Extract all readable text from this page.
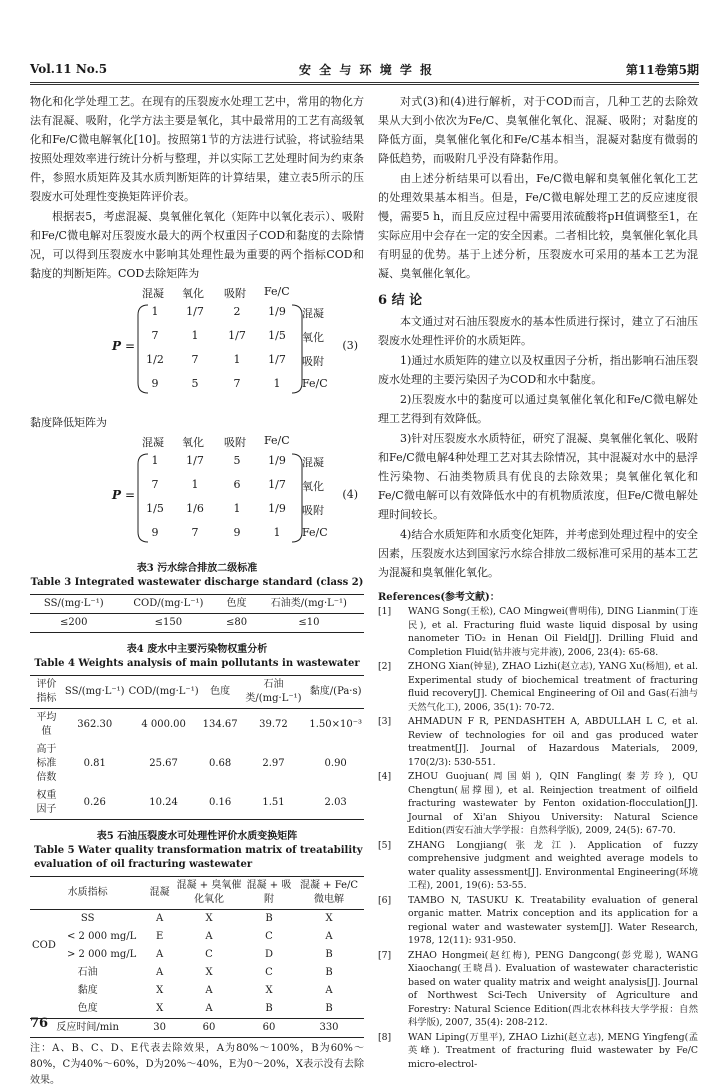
Vol.11 No.5	安 全 与 环 境 学 报	第11卷第5期

物化和化学处理工艺。在现有的压裂废水处理工艺中，常用的物化方法有混凝、吸附，化学方法主要是氧化，其中最常用的工艺有高级氧化和Fe/C微电解氧化[10]。按照第1节的方法进行试验，将试验结果按照处理效率进行统计分析与整理，并以实际工艺处理时间为约束条件，参照水质矩阵及其水质判断矩阵的计算结果，建立表5所示的压裂废水可处理性变换矩阵评价表。

根据表5，考虑混凝、臭氧催化氧化（矩阵中以氧化表示）、吸附和Fe/C微电解对压裂废水最大的两个权重因子COD和黏度的去除情况，可以得到压裂废水中影响其处理性最为重要的两个指标COD和黏度的判断矩阵。COD去除矩阵为

混凝 氧化 吸附 Fe/C
1	1/7	2	1/9	混凝
7	1	1/7	1/5	氧化
1/2	7	1	1/7	吸附
9	5	7	1	Fe/C
P =	(3)

黏度降低矩阵为

混凝 氧化 吸附 Fe/C
1	1/7	5	1/9	混凝
7	1	6	1/7	氧化
1/5	1/6	1	1/9	吸附
9	7	9	1	Fe/C
P =	(4)
表3 污水综合排放二级标准
Table 3 Integrated wastewater discharge standard (class 2)
SS/(mg·L⁻¹)	COD/(mg·L⁻¹)	色度	石油类/(mg·L⁻¹)
≤200	≤150	≤80	≤10
表4 废水中主要污染物权重分析
Table 4 Weights analysis of main pollutants in wastewater
评价指标	SS/(mg·L⁻¹)	COD/(mg·L⁻¹)	色度	石油类/(mg·L⁻¹)	黏度/(Pa·s)
平均值	362.30	4 000.00	134.67	39.72	1.50×10⁻³
高于标准倍数	0.81	25.67	0.68	2.97	0.90
权重因子	0.26	10.24	0.16	1.51	2.03
表5 石油压裂废水可处理性评价水质变换矩阵
Table 5 Water quality transformation matrix of treatability evaluation of oil fracturing wastewater
水质指标		混凝	混凝 + 臭氧催化氧化	混凝 + 吸附	混凝 + Fe/C微电解
SS		A	X	B	X
COD	< 2 000 mg/L	E	A	C	A
	> 2 000 mg/L	A	C	D	B
石油		A	X	C	B
黏度		X	A	X	A
色度		X	A	B	B
反应时间/min		30	60	60	330
注：A、B、C、D、E代表去除效果，A为80%～100%，B为60%～80%，C为40%～60%，D为20%～40%，E为0～20%，X表示没有去除效果。

对式(3)和(4)进行解析，对于COD而言，几种工艺的去除效果从大到小依次为Fe/C、臭氧催化氧化、混凝、吸附；对黏度的降低方面，臭氧催化氧化和Fe/C基本相当，混凝对黏度有微弱的降低趋势，而吸附几乎没有降黏作用。

由上述分析结果可以看出，Fe/C微电解和臭氧催化氧化工艺的处理效果基本相当。但是，Fe/C微电解处理工艺的反应速度很慢，需要5 h，而且反应过程中需要用浓硫酸将pH值调整至1，在实际应用中会存在一定的安全因素。二者相比较，臭氧催化氧化具有明显的优势。基于上述分析，压裂废水可采用的基本工艺为混凝、臭氧催化氧化。

6 结 论

本文通过对石油压裂废水的基本性质进行探讨，建立了石油压裂废水处理性评价的水质矩阵。

1)通过水质矩阵的建立以及权重因子分析，指出影响石油压裂废水处理的主要污染因子为COD和水中黏度。

2)压裂废水中的黏度可以通过臭氧催化氧化和Fe/C微电解处理工艺得到有效降低。

3)针对压裂废水水质特征，研究了混凝、臭氧催化氧化、吸附和Fe/C微电解4种处理工艺对其去除情况，其中混凝对水中的悬浮性污染物、石油类物质具有优良的去除效果；臭氧催化氧化和Fe/C微电解可以有效降低水中的有机物质浓度，但Fe/C微电解处理时间较长。

4)结合水质矩阵和水质变化矩阵，并考虑到处理过程中的安全因素，压裂废水达到国家污水综合排放二级标准可采用的基本工艺为混凝和臭氧催化氧化。

References(参考文献)：
[1]	WANG Song(王松), CAO Mingwei(曹明伟), DING Lianmin(丁连民), et al. Fracturing fluid waste liquid disposal by using nanometer TiO₂ in Henan Oil Field[J]. Drilling Fluid and Completion Fluid(钻井液与完井液), 2006, 23(4): 65-68.
[2]	ZHONG Xian(钟显), ZHAO Lizhi(赵立志), YANG Xu(杨旭), et al. Experimental study of biochemical treatment of fracturing fluid recovery[J]. Chemical Engineering of Oil and Gas(石油与天然气化工), 2006, 35(1): 70-72.
[3]	AHMADUN F R, PENDASHTEH A, ABDULLAH L C, et al. Review of technologies for oil and gas produced water treatment[J]. Journal of Hazardous Materials, 2009, 170(2/3): 530-551.
[4]	ZHOU Guojuan(周国娟), QIN Fangling(秦芳玲), QU Chengtun(屈撑囤), et al. Reinjection treatment of oilfield fracturing wastewater by Fenton oxidation-flocculation[J]. Journal of Xi'an Shiyou University: Natural Science Edition(西安石油大学学报：自然科学版), 2009, 24(5): 67-70.
[5]	ZHANG Longjiang(张龙江). Application of fuzzy comprehensive judgment and weighted average models to water quality assessment[J]. Environmental Engineering(环境工程), 2001, 19(6): 53-55.
[6]	TAMBO N, TASUKU K. Treatability evaluation of general organic matter. Matrix conception and its application for a regional water and wastewater system[J]. Water Research, 1978, 12(11): 931-950.
[7]	ZHAO Hongmei(赵红梅), PENG Dangcong(彭党聪), WANG Xiaochang(王晓昌). Evaluation of wastewater characteristic based on water quality matrix and weight analysis[J]. Journal of Northwest Sci-Tech University of Agriculture and Forestry: Natural Science Edition(西北农林科技大学学报：自然科学版), 2007, 35(4): 208-212.
[8]	WAN Liping(万里平), ZHAO Lizhi(赵立志), MENG Yingfeng(孟英峰). Treatment of fracturing fluid wastewater by Fe/C micro-electrol-
76
